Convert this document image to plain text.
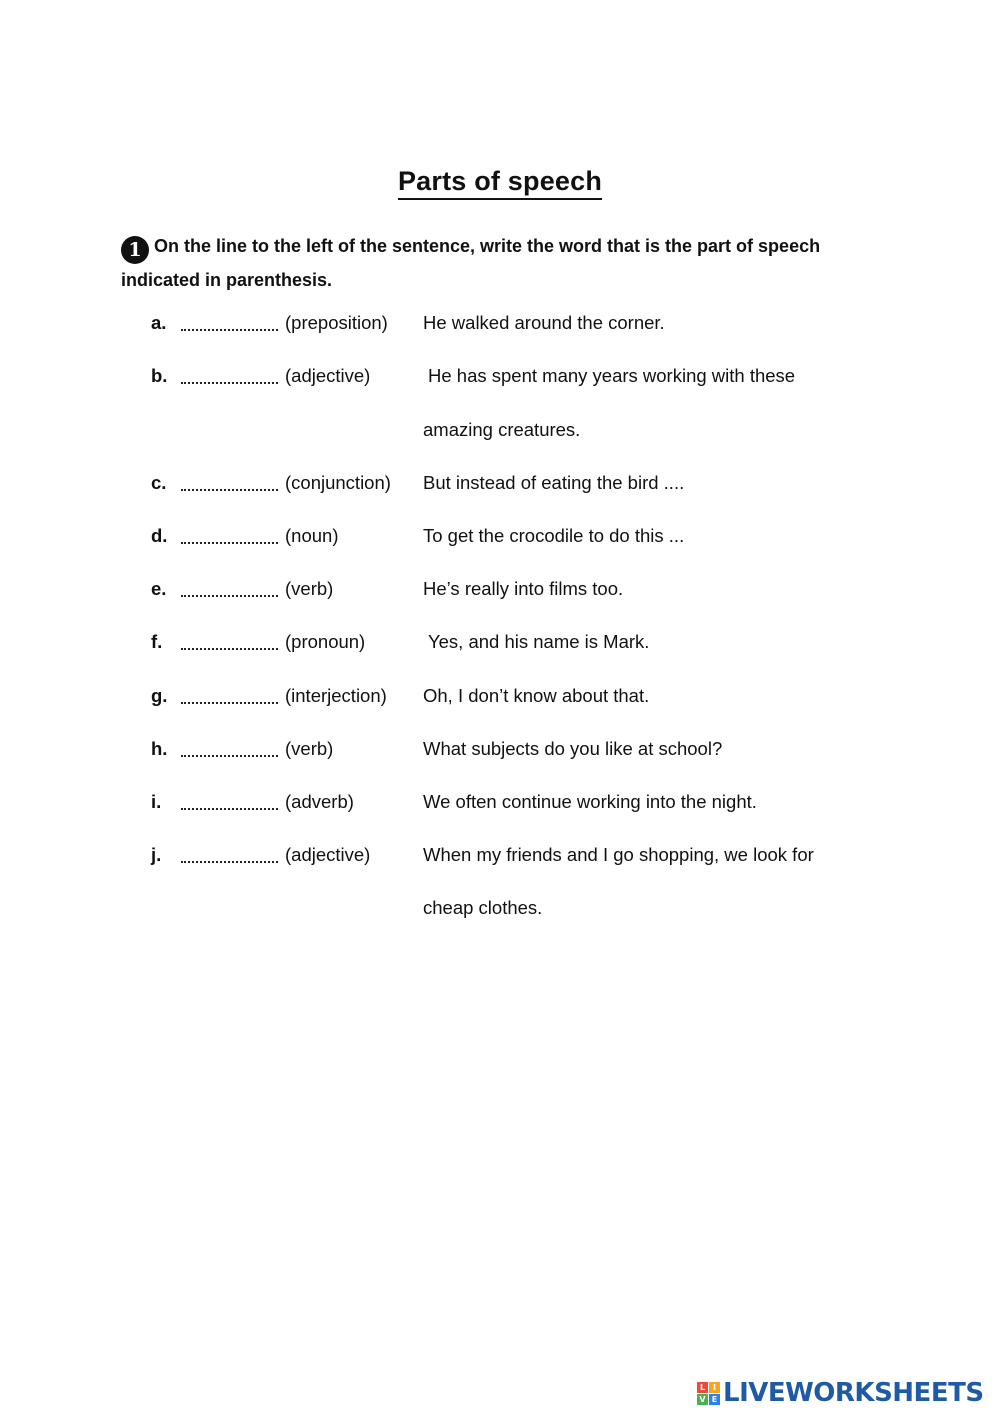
Parts of speech
1 On the line to the left of the sentence, write the word that is the part of speech indicated in parenthesis.
a.	(preposition) He walked around the corner.
b.	(adjective)	He has spent many years working with these
amazing creatures.
c.	(conjunction) But instead of eating the bird ....
d.	(noun)	To get the crocodile to do this ...
e.	(verb)	He’s really into films too.
f.	(pronoun)	Yes, and his name is Mark.
g.	(interjection) Oh, I don’t know about that.
h.	(verb)	What subjects do you like at school?
i.	(adverb)	We often continue working into the night.
j.	(adjective)	When my friends and I go shopping, we look for
cheap clothes.
L I
V E LIVEWORKSHEETS
